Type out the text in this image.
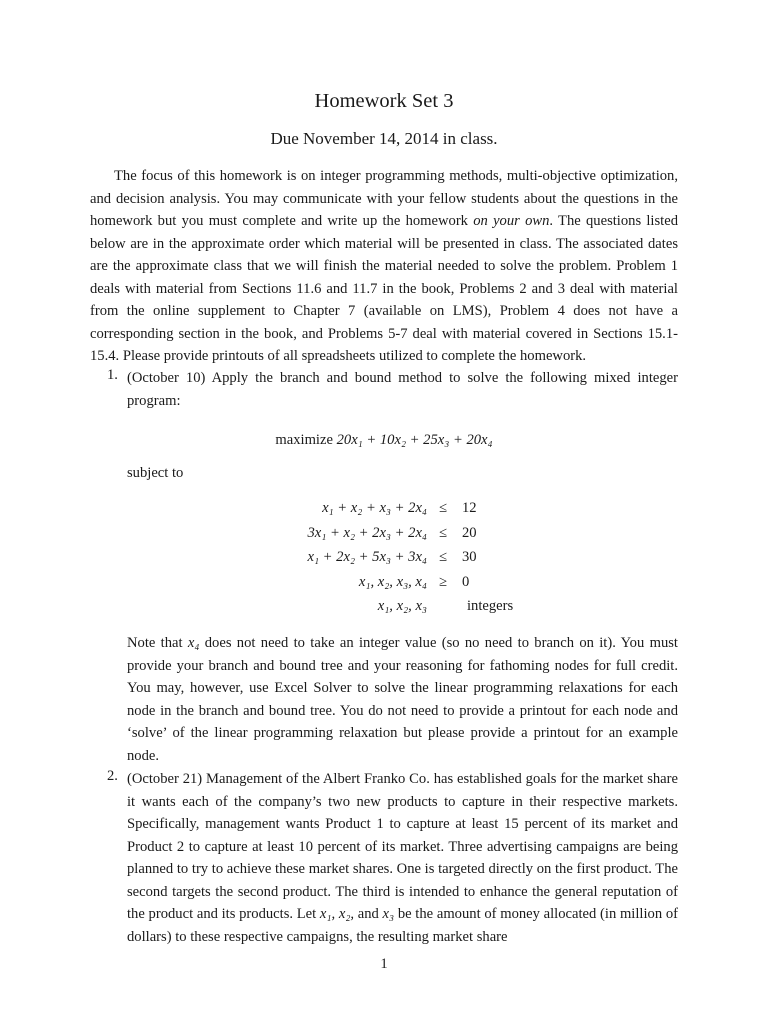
Homework Set 3
Due November 14, 2014 in class.

The focus of this homework is on integer programming methods, multi-objective optimization, and decision analysis. You may communicate with your fellow students about the questions in the homework but you must complete and write up the homework on your own. The questions listed below are in the approximate order which material will be presented in class. The associated dates are the approximate class that we will finish the material needed to solve the problem. Problem 1 deals with material from Sections 11.6 and 11.7 in the book, Problems 2 and 3 deal with material from the online supplement to Chapter 7 (available on LMS), Problem 4 does not have a corresponding section in the book, and Problems 5-7 deal with material covered in Sections 15.1-15.4. Please provide printouts of all spreadsheets utilized to complete the homework.

1. (October 10) Apply the branch and bound method to solve the following mixed integer program:

maximize 20x₁ + 10x₂ + 25x₃ + 20x₄
subject to
x₁ + x₂ + x₃ + 2x₄ ≤ 12
3x₁ + x₂ + 2x₃ + 2x₄ ≤ 20
x₁ + 2x₂ + 5x₃ + 3x₄ ≤ 30
x₁, x₂, x₃, x₄ ≥ 0
x₁, x₂, x₃	integers

Note that x₄ does not need to take an integer value (so no need to branch on it). You must provide your branch and bound tree and your reasoning for fathoming nodes for full credit. You may, however, use Excel Solver to solve the linear programming relaxations for each node in the branch and bound tree. You do not need to provide a printout for each node and ‘solve’ of the linear programming relaxation but please provide a printout for an example node.

2. (October 21) Management of the Albert Franko Co. has established goals for the market share it wants each of the company’s two new products to capture in their respective markets. Specifically, management wants Product 1 to capture at least 15 percent of its market and Product 2 to capture at least 10 percent of its market. Three advertising campaigns are being planned to try to achieve these market shares. One is targeted directly on the first product. The second targets the second product. The third is intended to enhance the general reputation of the product and its products. Let x₁, x₂, and x₃ be the amount of money allocated (in million of dollars) to these respective campaigns, the resulting market share

1
